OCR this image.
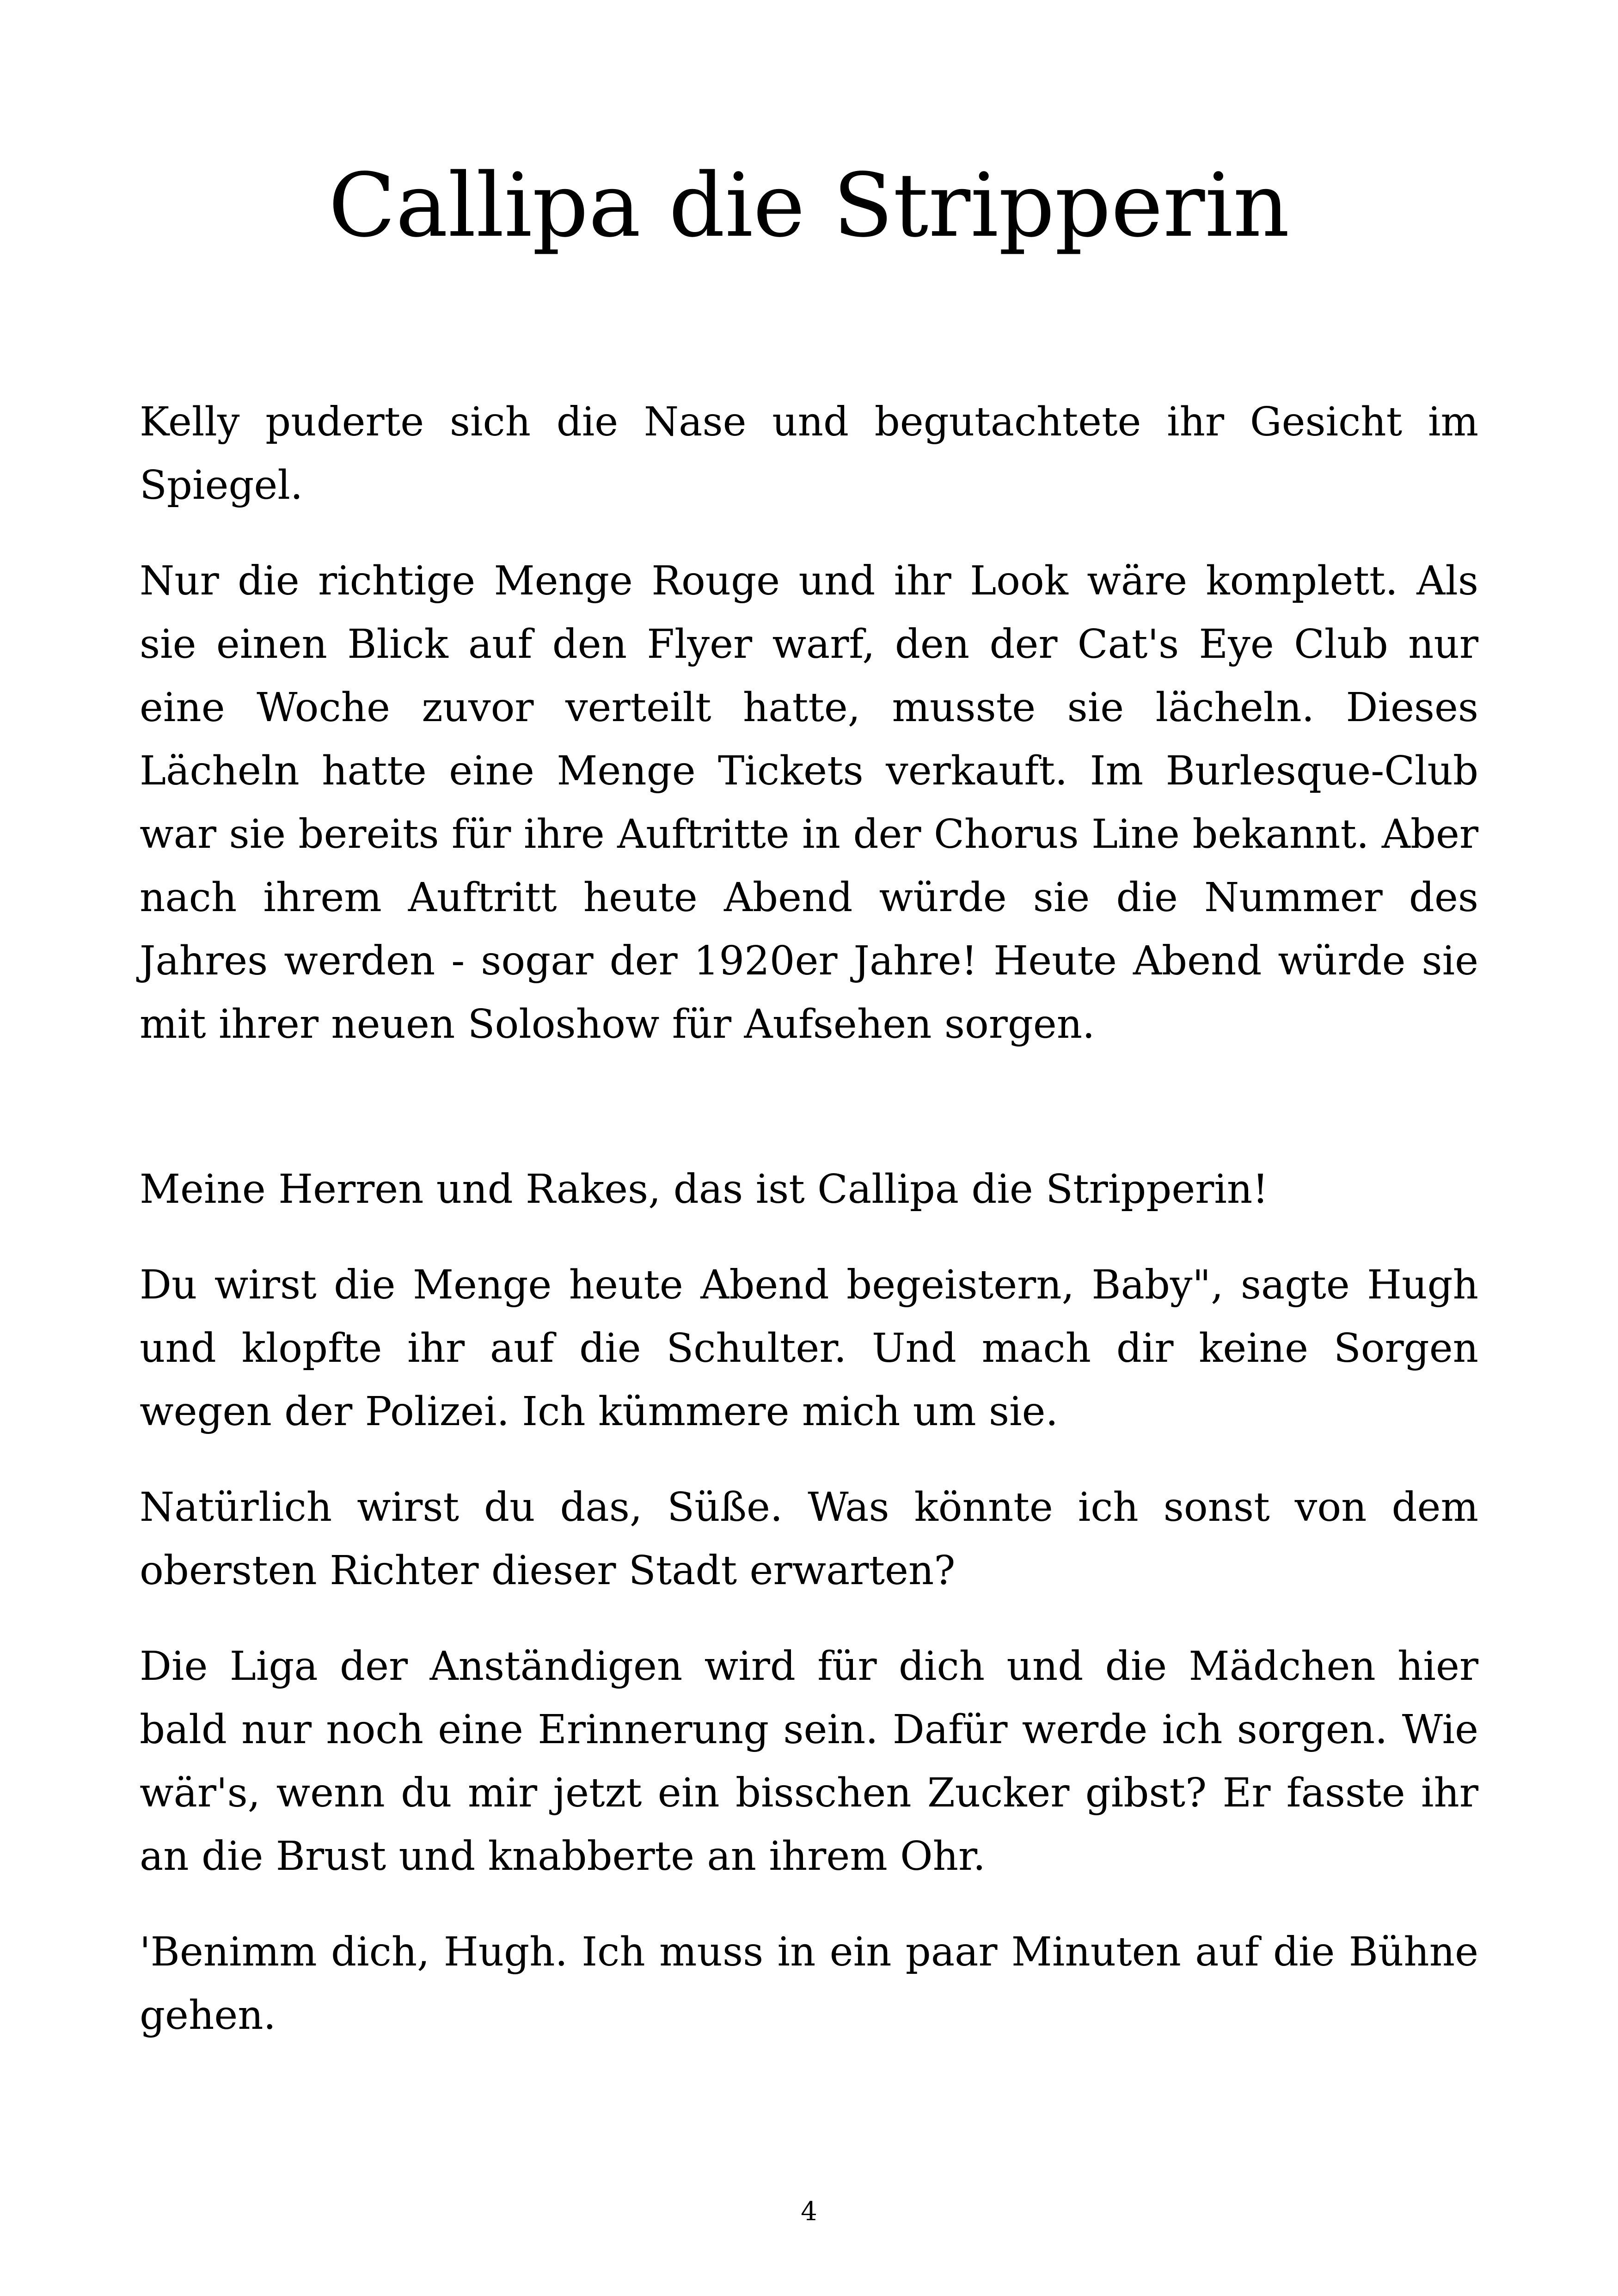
Callipa die Stripperin

Kelly puderte sich die Nase und begutachtete ihr Gesicht im Spiegel.

Nur die richtige Menge Rouge und ihr Look wäre komplett. Als sie einen Blick auf den Flyer warf, den der Cat's Eye Club nur eine Woche zuvor verteilt hatte, musste sie lächeln. Dieses Lächeln hatte eine Menge Tickets verkauft. Im Burlesque-Club war sie bereits für ihre Auftritte in der Chorus Line bekannt. Aber nach ihrem Auftritt heute Abend würde sie die Nummer des Jahres werden - sogar der 1920er Jahre! Heute Abend würde sie mit ihrer neuen Soloshow für Aufsehen sorgen.

Meine Herren und Rakes, das ist Callipa die Stripperin!

Du wirst die Menge heute Abend begeistern, Baby", sagte Hugh und klopfte ihr auf die Schulter. Und mach dir keine Sorgen wegen der Polizei. Ich kümmere mich um sie.

Natürlich wirst du das, Süße. Was könnte ich sonst von dem obersten Richter dieser Stadt erwarten?

Die Liga der Anständigen wird für dich und die Mädchen hier bald nur noch eine Erinnerung sein. Dafür werde ich sorgen. Wie wär's, wenn du mir jetzt ein bisschen Zucker gibst? Er fasste ihr an die Brust und knabberte an ihrem Ohr.

'Benimm dich, Hugh. Ich muss in ein paar Minuten auf die Bühne gehen.

4
